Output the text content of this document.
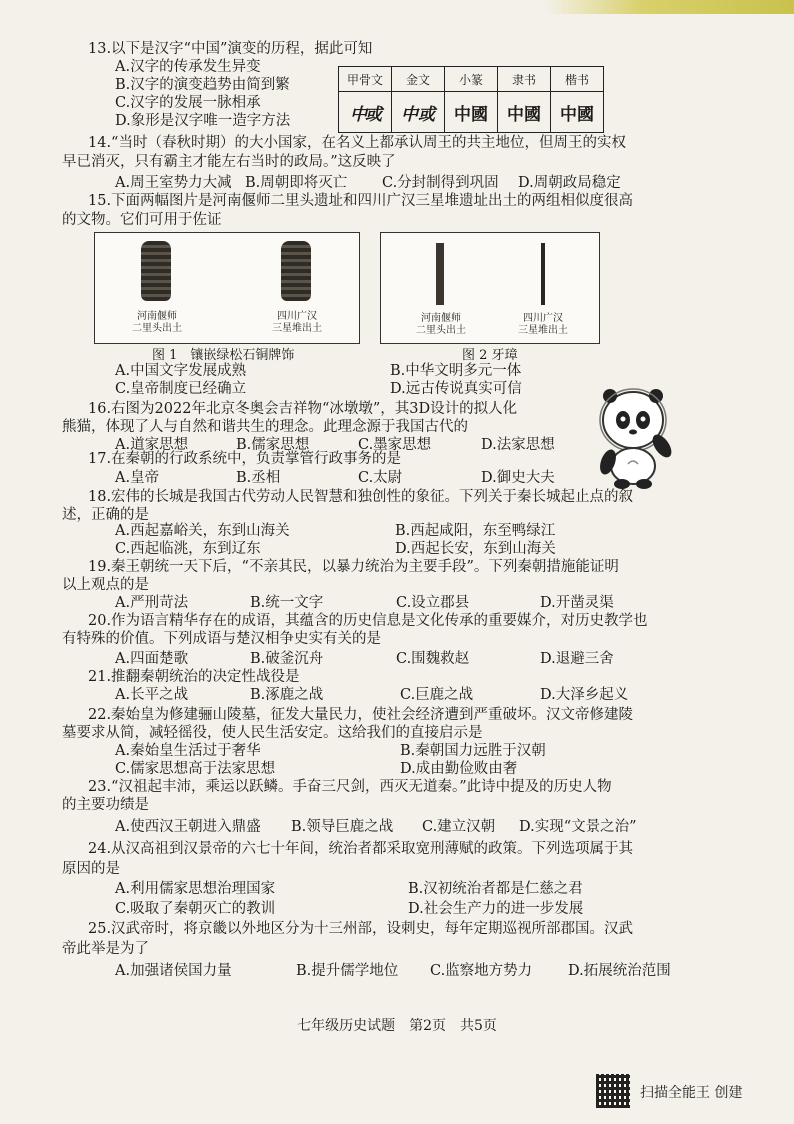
13.以下是汉字“中国”演变的历程，据此可知
A.汉字的传承发生异变
B.汉字的演变趋势由简到繁
C.汉字的发展一脉相承
D.象形是汉字唯一造字方法
甲骨文	金文	小篆	隶书	楷书
中或	中或	中國	中國	中國
14.“当时（春秋时期）的大小国家，在名义上都承认周王的共主地位，但周王的实权
早已消灭，只有霸主才能左右当时的政局。”这反映了
A.周王室势力大减 B.周朝即将灭亡 C.分封制得到巩固 D.周朝政局稳定
15.下面两幅图片是河南偃师二里头遗址和四川广汉三星堆遗址出土的两组相似度很高
的文物。它们可用于佐证
河南偃师
二里头出土
四川广汉
三星堆出土
河南偃师
二里头出土
四川广汉
三星堆出土
图 1　镶嵌绿松石铜牌饰	图 2 牙璋
A.中国文字发展成熟	B.中华文明多元一体
C.皇帝制度已经确立	D.远古传说真实可信
16.右图为2022年北京冬奥会吉祥物“冰墩墩”，其3D设计的拟人化
熊猫，体现了人与自然和谐共生的理念。此理念源于我国古代的
A.道家思想	B.儒家思想	C.墨家思想	D.法家思想
17.在秦朝的行政系统中，负责掌管行政事务的是
A.皇帝	B.丞相	C.太尉	D.御史大夫
18.宏伟的长城是我国古代劳动人民智慧和独创性的象征。下列关于秦长城起止点的叙
述，正确的是
A.西起嘉峪关，东到山海关	B.西起咸阳，东至鸭绿江
C.西起临洮，东到辽东	D.西起长安，东到山海关
19.秦王朝统一天下后，“不亲其民，以暴力统治为主要手段”。下列秦朝措施能证明
以上观点的是
A.严刑苛法	B.统一文字	C.设立郡县	D.开凿灵渠
20.作为语言精华存在的成语，其蕴含的历史信息是文化传承的重要媒介，对历史教学也
有特殊的价值。下列成语与楚汉相争史实有关的是
A.四面楚歌	B.破釜沉舟	C.围魏救赵	D.退避三舍
21.推翻秦朝统治的决定性战役是
A.长平之战	B.涿鹿之战	C.巨鹿之战	D.大泽乡起义
22.秦始皇为修建骊山陵墓，征发大量民力，使社会经济遭到严重破坏。汉文帝修建陵
墓要求从简，减轻徭役，使人民生活安定。这给我们的直接启示是
A.秦始皇生活过于奢华	B.秦朝国力远胜于汉朝
C.儒家思想高于法家思想	D.成由勤俭败由奢
23.“汉祖起丰沛，乘运以跃鳞。手奋三尺剑，西灭无道秦。”此诗中提及的历史人物
的主要功绩是
A.使西汉王朝进入鼎盛 B.领导巨鹿之战 C.建立汉朝 D.实现“文景之治”
24.从汉高祖到汉景帝的六七十年间，统治者都采取宽刑薄赋的政策。下列选项属于其
原因的是
A.利用儒家思想治理国家	B.汉初统治者都是仁慈之君
C.吸取了秦朝灭亡的教训	D.社会生产力的进一步发展
25.汉武帝时，将京畿以外地区分为十三州部，设刺史，每年定期巡视所部郡国。汉武
帝此举是为了
A.加强诸侯国力量	B.提升儒学地位 C.监察地方势力 D.拓展统治范围
七年级历史试题　第2页　共5页
扫描全能王 创建
